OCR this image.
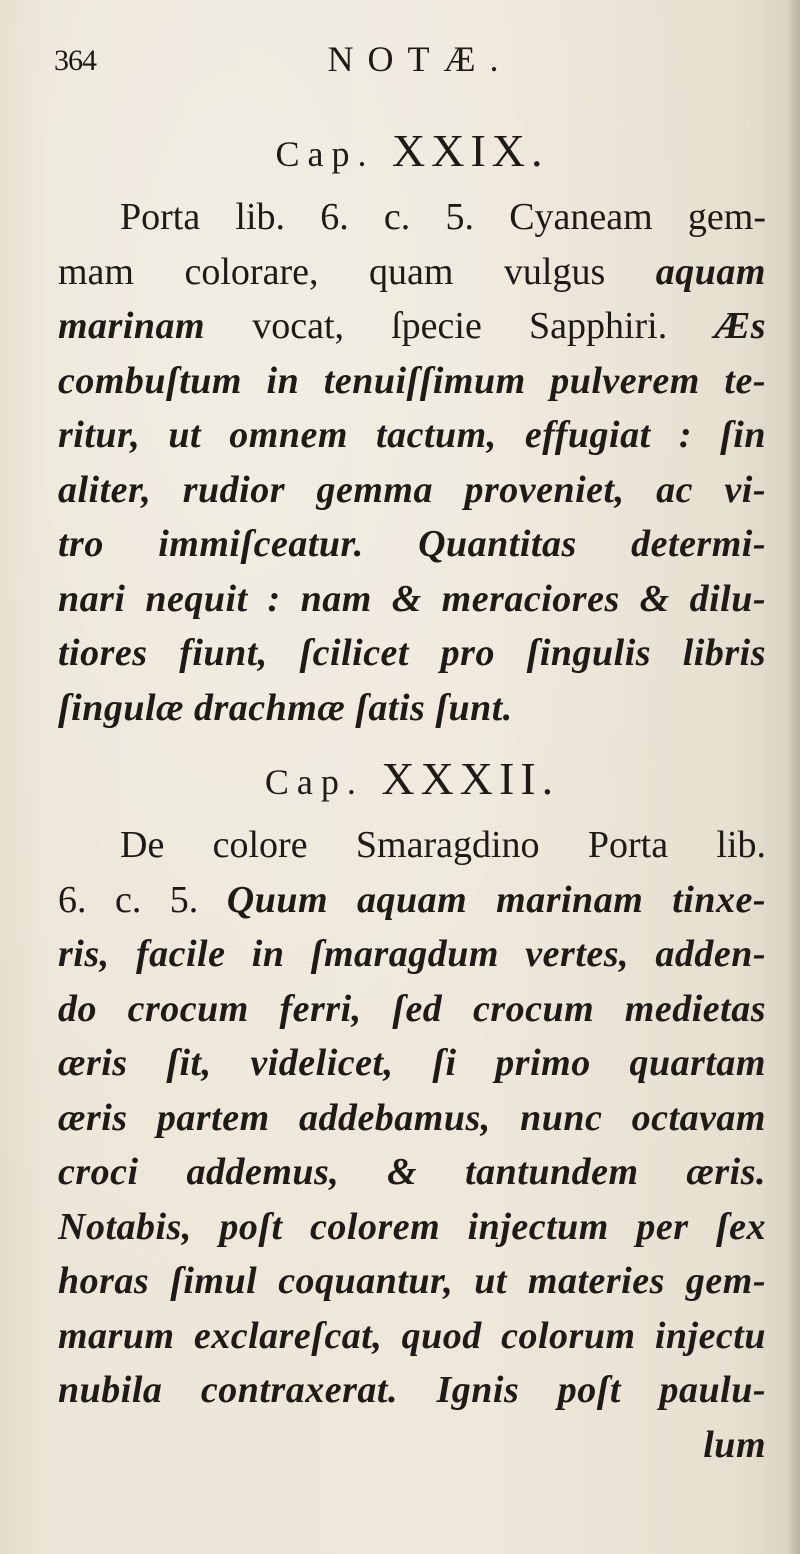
364	NOTÆ.
Cap. XXIX.
Porta lib. 6. c. 5. Cyaneam gem-
mam colorare, quam vulgus aquam
marinam vocat, ſpecie Sapphiri. Æs
combuſtum in tenuiſſimum pulverem te-
ritur, ut omnem tactum, effugiat : ſin
aliter, rudior gemma proveniet, ac vi-
tro immiſceatur. Quantitas determi-
nari nequit : nam & meraciores & dilu-
tiores fiunt, ſcilicet pro ſingulis libris
ſingulæ drachmæ ſatis ſunt.
Cap. XXXII.
De colore Smaragdino Porta lib.
6. c. 5. Quum aquam marinam tinxe-
ris, facile in ſmaragdum vertes, adden-
do crocum ferri, ſed crocum medietas
æris ſit, videlicet, ſi primo quartam
æris partem addebamus, nunc octavam
croci addemus, & tantundem æris.
Notabis, poſt colorem injectum per ſex
horas ſimul coquantur, ut materies gem-
marum exclareſcat, quod colorum injectu
nubila contraxerat. Ignis poſt paulu-
lum
